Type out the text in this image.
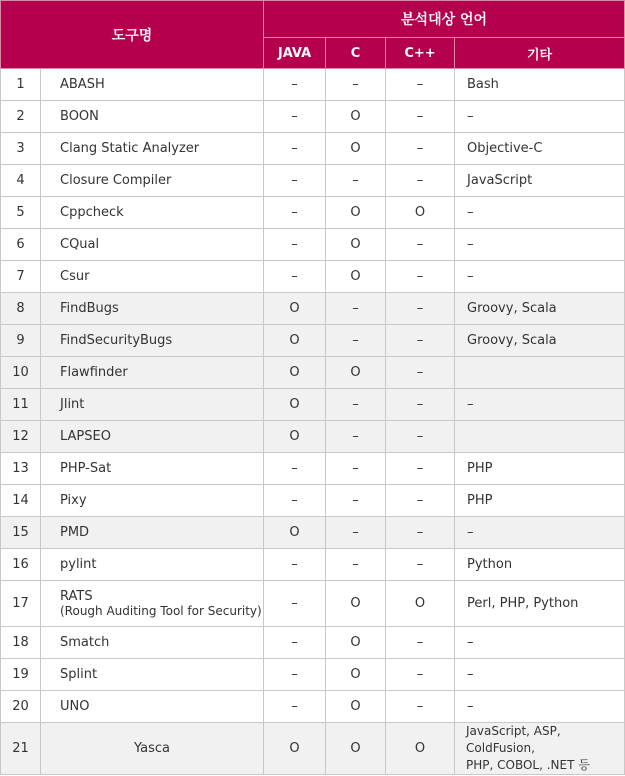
도구명		분석대상 언어			
		JAVA	C	C++	기타
1	ABASH	–	–	–	Bash
2	BOON	–	O	–	–
3	Clang Static Analyzer	–	O	–	Objective-C
4	Closure Compiler	–	–	–	JavaScript
5	Cppcheck	–	O	O	–
6	CQual	–	O	–	–
7	Csur	–	O	–	–
8	FindBugs	O	–	–	Groovy, Scala
9	FindSecurityBugs	O	–	–	Groovy, Scala
10	Flawfinder	O	O	–	
11	Jlint	O	–	–	–
12	LAPSEO	O	–	–	
13	PHP-Sat	–	–	–	PHP
14	Pixy	–	–	–	PHP
15	PMD	O	–	–	–
16	pylint	–	–	–	Python
17	RATS
(Rough Auditing Tool for Security)	–	O	O	Perl, PHP, Python
18	Smatch	–	O	–	–
19	Splint	–	O	–	–
20	UNO	–	O	–	–
21	Yasca	O	O	O	JavaScript, ASP, ColdFusion,
PHP, COBOL, .NET 등
